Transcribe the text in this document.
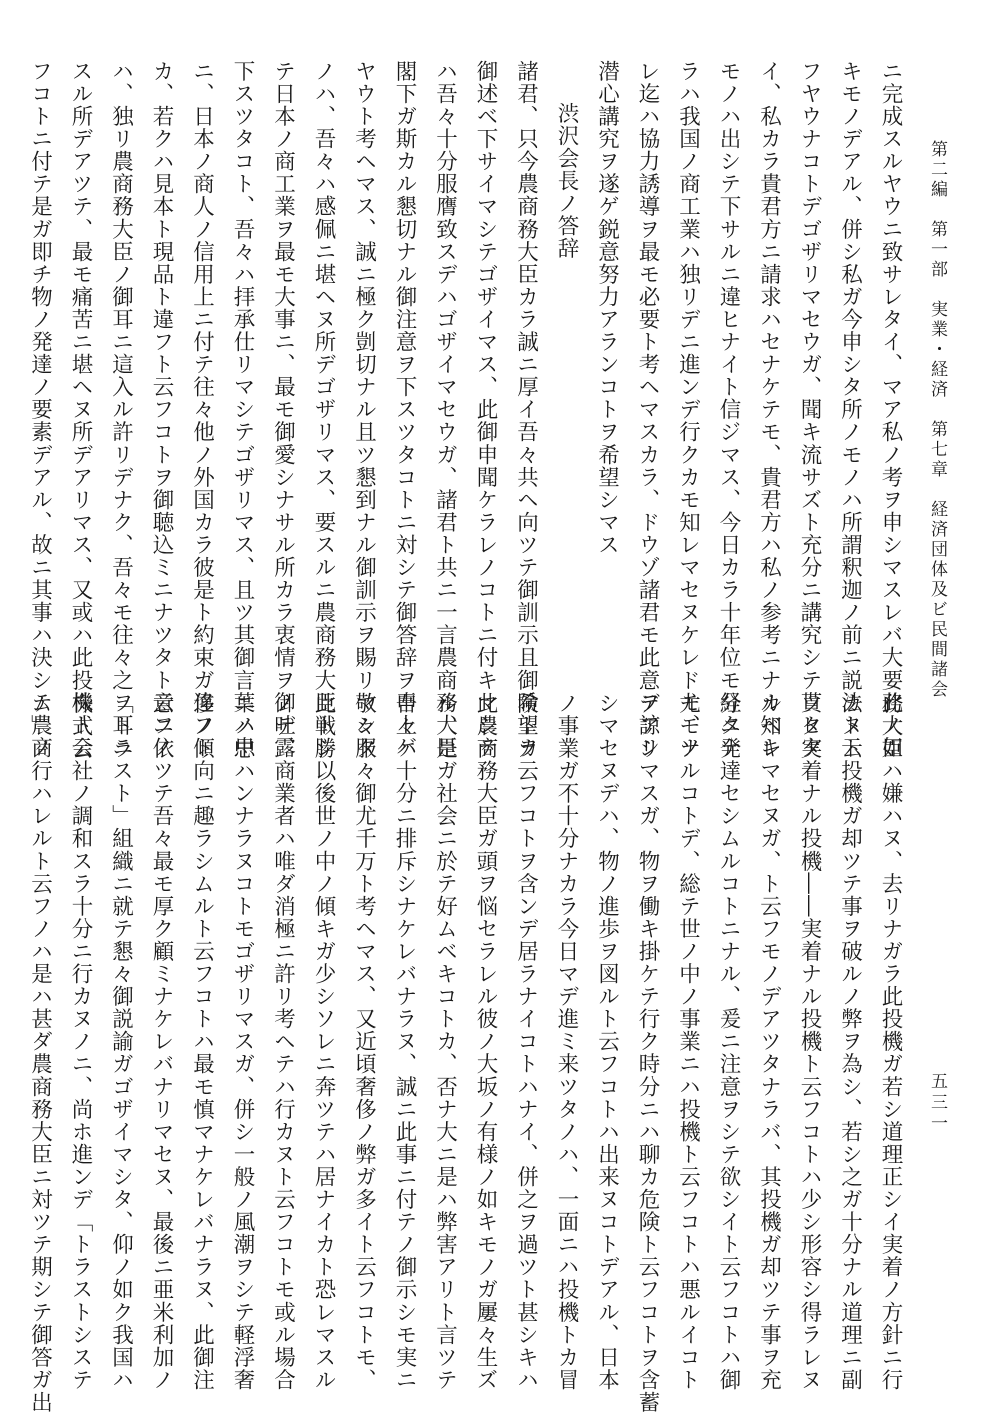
第二編　第一部　実業・経済　第七章　経済団体及ビ民間諸会
五三一
ニ完成スルヤウニ致サレタイ、マア私ノ考ヲ申シマスレバ大要此ノ如
キモノデアル、併シ私ガ今申シタ所ノモノハ所謂釈迦ノ前ニ説法ト云
フヤウナコトデゴザリマセウガ、聞キ流サズト充分ニ講究シテ貰ヒタ
イ、私カラ貴君方ニ請求ハセナケテモ、貴君方ハ私ノ参考ニナルベキ
モノハ出シテ下サルニ違ヒナイト信ジマス、今日カラ十年位モ経タナ
ラハ我国ノ商工業ハ独リデニ進ンデ行クカモ知レマセヌケレドモ、ソ
レ迄ハ協力誘導ヲ最モ必要ト考ヘマスカラ、ドウゾ諸君モ此意ヲ諒シ
潜心講究ヲ遂ゲ鋭意努力アランコトヲ希望シマス
渋沢会長ノ答辞
諸君、只今農商務大臣カラ誠ニ厚イ吾々共ヘ向ツテ御訓示且御希望ヲ
御述ベ下サイマシテゴザイマス、此御申聞ケラレノコトニ付キマシテ
ハ吾々十分服膺致スデハゴザイマセウガ、諸君ト共ニ一言農商務大臣
閣下ガ斯カル懇切ナル御注意ヲ下スツタコトニ対シテ御答辞ヲ申上ゲ
ヤウト考ヘマス、誠ニ極ク剴切ナル且ツ懇到ナル御訓示ヲ賜リマシタ
ノハ、吾々ハ感佩ニ堪ヘヌ所デゴザリマス、要スルニ農商務大臣トシ
テ日本ノ商工業ヲ最モ大事ニ、最モ御愛シナサル所カラ衷情ヲ御吐露
下スツタコト、吾々ハ拝承仕リマシテゴザリマス、且ツ其御言葉ノ中
ニ、日本ノ商人ノ信用上ニ付テ往々他ノ外国カラ彼是ト約束ガ違フト
カ、若クハ見本ト現品ト違フト云フコトヲ御聴込ミニナツタト云フノ
ハ、独リ農商務大臣ノ御耳ニ這入ル許リデナク、吾々モ往々之ヲ耳ニ
スル所デアツテ、最モ痛苦ニ堪ヘヌ所デアリマス、又或ハ此投機ト云
フコトニ付テ是ガ即チ物ノ発達ノ要素デアル、故ニ其事ハ決シテ農商
務大臣ハ嫌ハヌ、去リナガラ此投機ガ若シ道理正シイ実着ノ方針ニ行
カヌト投機ガ却ツテ事ヲ破ルノ弊ヲ為シ、若シ之ガ十分ナル道理ニ副
ツタ実着ナル投機――実着ナル投機ト云フコトハ少シ形容シ得ラレヌ
カ知レマセヌガ、ト云フモノデアツタナラバ、其投機ガ却ツテ事ヲ充
分ニ発達セシムルコトニナル、爰ニ注意ヲシテ欲シイト云フコトハ御
尤モナルコトデ、総テ世ノ中ノ事業ニハ投機ト云フコトハ悪ルイコト
デアリマスガ、物ヲ働キ掛ケテ行ク時分ニハ聊カ危険ト云フコトヲ含蓄
シマセヌデハ、物ノ進歩ヲ図ルト云フコトハ出来ヌコトデアル、日本
ノ事業ガ不十分ナカラ今日マデ進ミ来ツタノハ、一面ニハ投機トカ冒
険トカ云フコトヲ含ンデ居ラナイコトハナイ、併之ヲ過ツト甚シキハ
此農商務大臣ガ頭ヲ悩セラレル彼ノ大坂ノ有様ノ如キモノガ屢々生ズ
ル、是ガ社会ニ於テ好ムベキコトカ、否ナ大ニ是ハ弊害アリト言ツテ
吾々ハ十分ニ排斥シナケレバナラヌ、誠ニ此事ニ付テノ御示シモ実ニ
敬々服々御尤千万ト考ヘマス、又近頃奢侈ノ弊ガ多イト云フコトモ、
此戦勝以後世ノ中ノ傾キガ少シソレニ奔ツテハ居ナイカト恐レマスル
ノデ、商業者ハ唯ダ消極ニ許リ考ヘテハ行カヌト云フコトモ或ル場合
ニハ思ハンナラヌコトモゴザリマスガ、併シ一般ノ風潮ヲシテ軽浮奢
侈ノ傾向ニ趣ラシムルト云フコトハ最モ慎マナケレバナラヌ、此御注
意ニ依ツテ吾々最モ厚ク顧ミナケレバナリマセヌ、最後ニ亜米利加ノ
「トラスト」組織ニ就テ懇々御説諭ガゴザイマシタ、仰ノ如ク我国ハ
株式会社ノ調和スラ十分ニ行カヌノニ、尚ホ進ンデ「トラストシステ
ム」ノ行ハレルト云フノハ是ハ甚ダ農商務大臣ニ対ツテ期シテ御答ガ出
